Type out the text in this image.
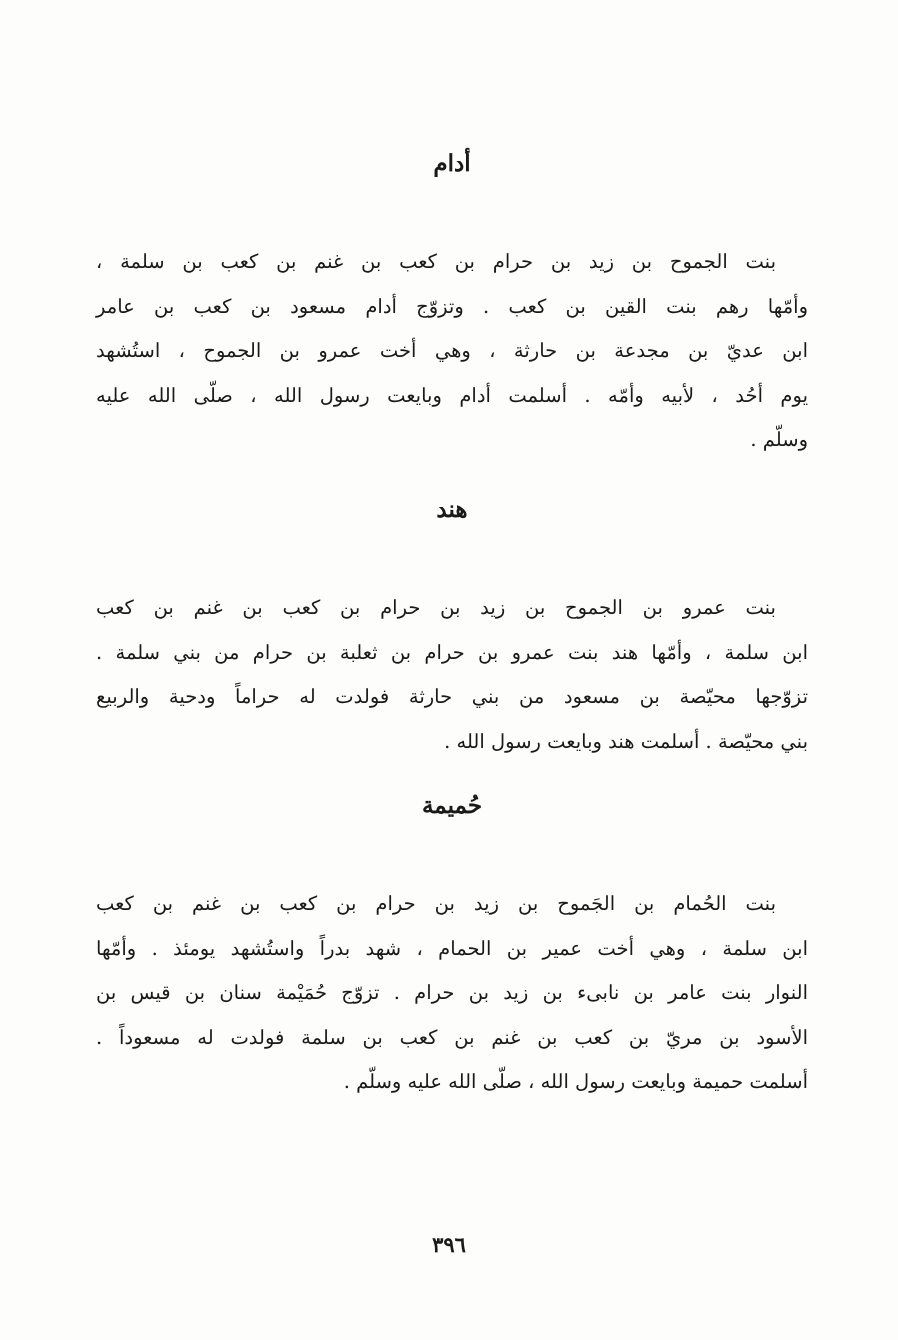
أدام

بنت الجموح بن زيد بن حرام بن كعب بن غنم بن كعب بن سلمة ،
وأمّها رهم بنت القين بن كعب . وتزوّج أدام مسعود بن كعب بن عامر
ابن عديّ بن مجدعة بن حارثة ، وهي أخت عمرو بن الجموح ، استُشهد
يوم أحُد ، لأبيه وأمّه . أسلمت أدام وبايعت رسول الله ، صلّى الله عليه
وسلّم .

هند

بنت عمرو بن الجموح بن زيد بن حرام بن كعب بن غنم بن كعب
ابن سلمة ، وأمّها هند بنت عمرو بن حرام بن ثعلبة بن حرام من بني سلمة .
تزوّجها محيّصة بن مسعود من بني حارثة فولدت له حراماً ودحية والربيع
بني محيّصة . أسلمت هند وبايعت رسول الله .

حُميمة

بنت الحُمام بن الجَموح بن زيد بن حرام بن كعب بن غنم بن كعب
ابن سلمة ، وهي أخت عمير بن الحمام ، شهد بدراً واستُشهد يومئذ . وأمّها
النوار بنت عامر بن نابىء بن زيد بن حرام . تزوّج حُمَيْمة سنان بن قيس بن
الأسود بن مريّ بن كعب بن غنم بن كعب بن سلمة فولدت له مسعوداً .
أسلمت حميمة وبايعت رسول الله ، صلّى الله عليه وسلّم .

٣٩٦
